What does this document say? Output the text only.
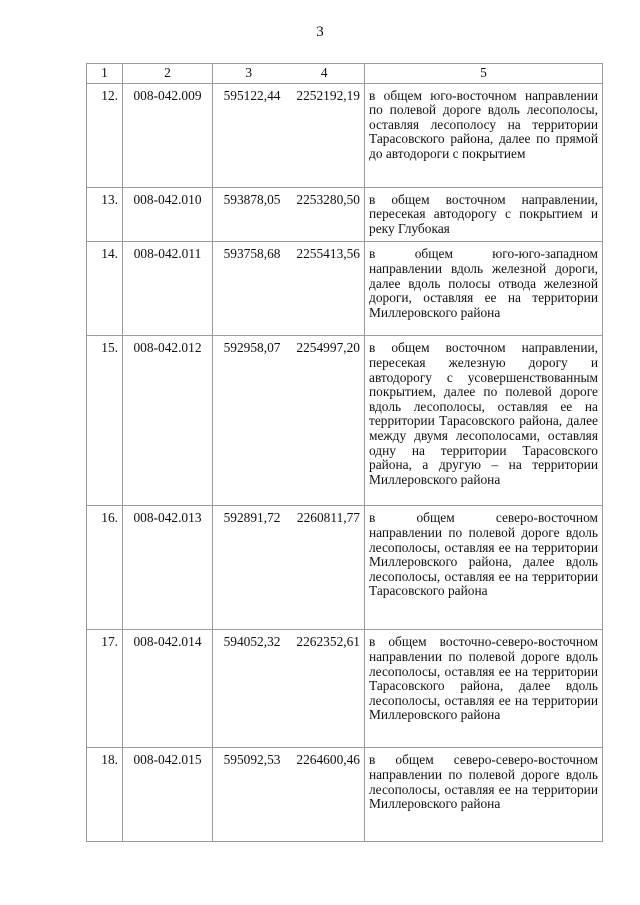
3
1	2	3	4	5
12.	008-042.009	595122,44	2252192,19	в общем юго-восточном направлении по полевой дороге вдоль лесополосы, оставляя лесополосу на территории Тарасовского района, далее по прямой до автодороги с покрытием
13.	008-042.010	593878,05	2253280,50	в общем восточном направлении, пересекая автодорогу с покрытием и реку Глубокая
14.	008-042.011	593758,68	2255413,56	в общем юго-юго-западном направлении вдоль железной дороги, далее вдоль полосы отвода железной дороги, оставляя ее на территории Миллеровского района
15.	008-042.012	592958,07	2254997,20	в общем восточном направлении, пересекая железную дорогу и автодорогу с усовершенствованным покрытием, далее по полевой дороге вдоль лесополосы, оставляя ее на территории Тарасовского района, далее между двумя лесополосами, оставляя одну на территории Тарасовского района, а другую – на территории Миллеровского района
16.	008-042.013	592891,72	2260811,77	в общем северо-восточном направлении по полевой дороге вдоль лесополосы, оставляя ее на территории Миллеровского района, далее вдоль лесополосы, оставляя ее на территории Тарасовского района
17.	008-042.014	594052,32	2262352,61	в общем восточно-северо-восточном направлении по полевой дороге вдоль лесополосы, оставляя ее на территории Тарасовского района, далее вдоль лесополосы, оставляя ее на территории Миллеровского района
18.	008-042.015	595092,53	2264600,46	в общем северо-северо-восточном направлении по полевой дороге вдоль лесополосы, оставляя ее на территории Миллеровского района
